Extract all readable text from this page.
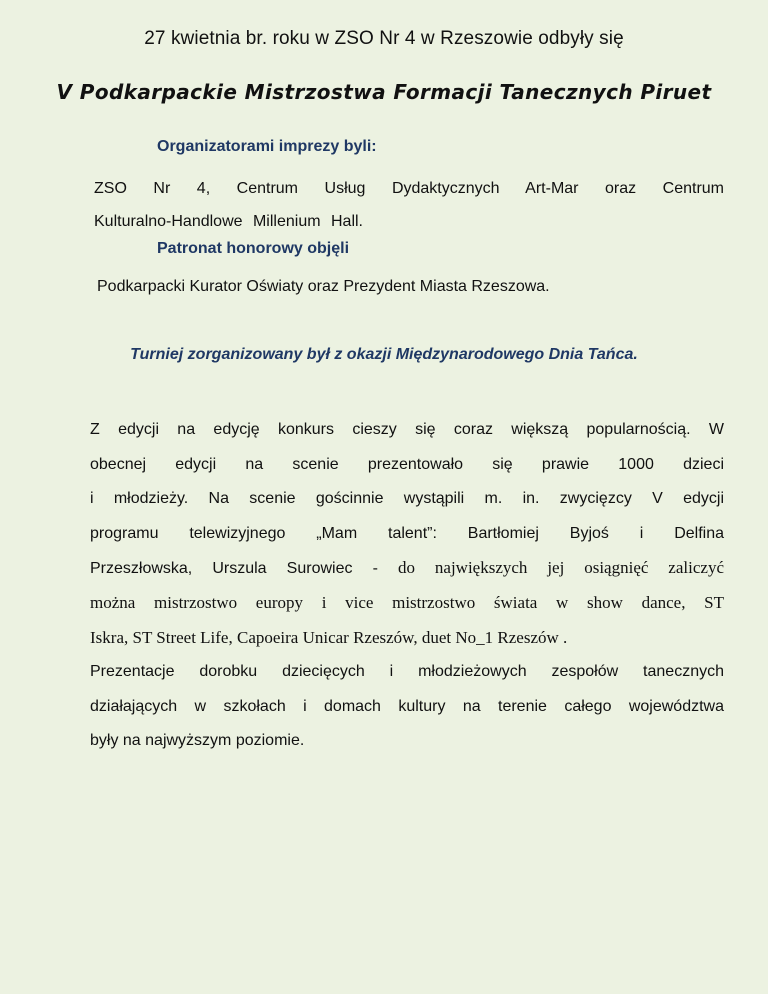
27 kwietnia br. roku w ZSO Nr 4 w Rzeszowie odbyły się
V Podkarpackie Mistrzostwa Formacji Tanecznych Piruet
Organizatorami imprezy byli:
ZSO Nr 4, Centrum Usług Dydaktycznych Art-Mar oraz Centrum
Kulturalno-Handlowe Millenium Hall.
Patronat honorowy objęli
Podkarpacki Kurator Oświaty oraz Prezydent Miasta Rzeszowa.
Turniej zorganizowany był z okazji Międzynarodowego Dnia Tańca.
Z edycji na edycję konkurs cieszy się coraz większą popularnością. W
obecnej edycji na scenie prezentowało się prawie 1000 dzieci
i młodzieży. Na scenie gościnnie wystąpili m. in. zwycięzcy V edycji
programu telewizyjnego „Mam talent”: Bartłomiej Byjoś i Delfina
Przeszłowska, Urszula Surowiec - do największych jej osiągnięć zaliczyć
można mistrzostwo europy i vice mistrzostwo świata w show dance, ST
Iskra, ST Street Life, Capoeira Unicar Rzeszów, duet No_1 Rzeszów .
Prezentacje dorobku dziecięcych i młodzieżowych zespołów tanecznych
działających w szkołach i domach kultury na terenie całego województwa
były na najwyższym poziomie.
